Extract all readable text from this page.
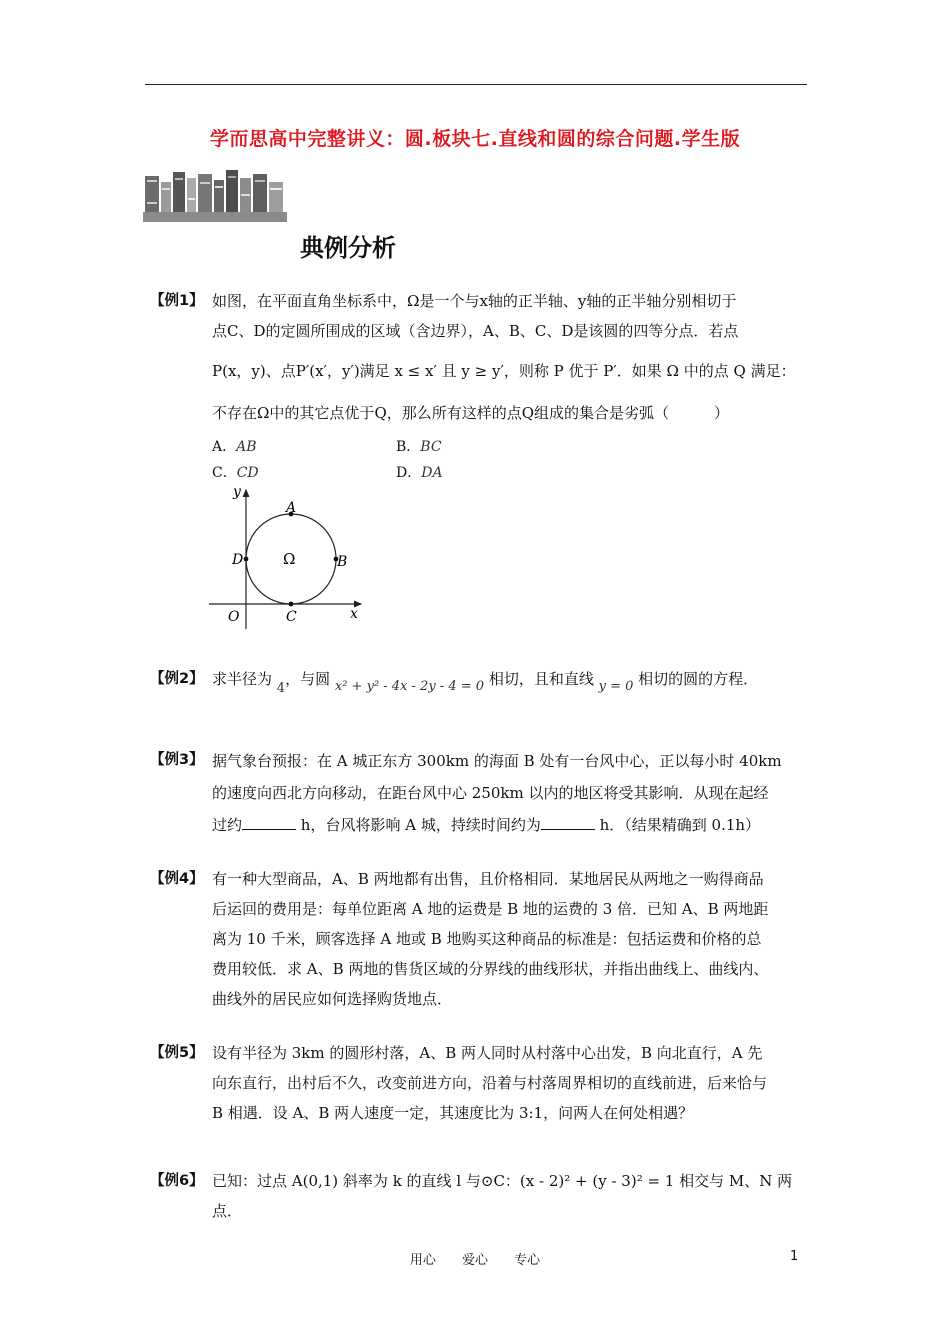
学而思高中完整讲义：圆.板块七.直线和圆的综合问题.学生版
典例分析
【例1】 如图，在平面直角坐标系中，Ω是一个与x轴的正半轴、y轴的正半轴分别相切于
点C、D的定圆所围成的区域（含边界），A、B、C、D是该圆的四等分点．若点
P(x，y)、点P′(x′，y′)满足 x ≤ x′ 且 y ≥ y′，则称 P 优于 P′．如果 Ω 中的点 Q 满足：
不存在Ω中的其它点优于Q，那么所有这样的点Q组成的集合是劣弧（　　　）
A．AB	B．BC
C．CD	D．DA
y
x
O
A
B
C
D	Ω
【例2】 求半径为 4，与圆 x² + y² - 4x - 2y - 4 = 0 相切，且和直线 y = 0 相切的圆的方程．
【例3】 据气象台预报：在 A 城正东方 300km 的海面 B 处有一台风中心，正以每小时 40km
的速度向西北方向移动，在距台风中心 250km 以内的地区将受其影响．从现在起经
过约	h，台风将影响 A 城，持续时间约为	h．（结果精确到 0.1h）
【例4】 有一种大型商品，A、B 两地都有出售，且价格相同．某地居民从两地之一购得商品
后运回的费用是：每单位距离 A 地的运费是 B 地的运费的 3 倍．已知 A、B 两地距
离为 10 千米，顾客选择 A 地或 B 地购买这种商品的标准是：包括运费和价格的总
费用较低．求 A、B 两地的售货区域的分界线的曲线形状，并指出曲线上、曲线内、
曲线外的居民应如何选择购货地点．
【例5】 设有半径为 3km 的圆形村落，A、B 两人同时从村落中心出发，B 向北直行，A 先
向东直行，出村后不久，改变前进方向，沿着与村落周界相切的直线前进，后来恰与
B 相遇．设 A、B 两人速度一定，其速度比为 3:1，问两人在何处相遇？
【例6】 已知：过点 A(0,1) 斜率为 k 的直线 l 与⊙C：(x - 2)² + (y - 3)² = 1 相交与 M、N 两点．
用心 爱心 专心	1
